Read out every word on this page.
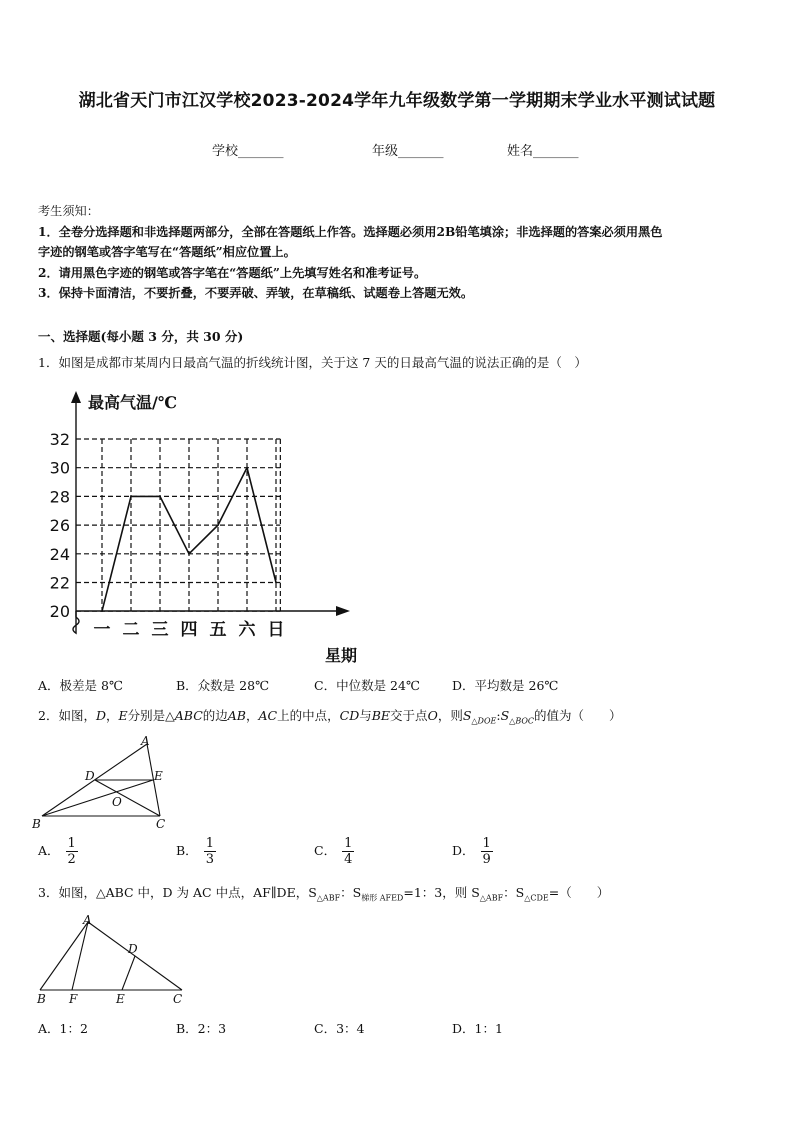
湖北省天门市江汉学校2023-2024学年九年级数学第一学期期末学业水平测试试题
学校_______	年级_______	姓名_______
考生须知：
1．全卷分选择题和非选择题两部分，全部在答题纸上作答。选择题必须用2B铅笔填涂；非选择题的答案必须用黑色
字迹的钢笔或答字笔写在“答题纸”相应位置上。
2．请用黑色字迹的钢笔或答字笔在“答题纸”上先填写姓名和准考证号。
3．保持卡面清洁，不要折叠，不要弄破、弄皱，在草稿纸、试题卷上答题无效。
一、选择题(每小题 3 分，共 30 分)
1．如图是成都市某周内日最高气温的折线统计图，关于这 7 天的日最高气温的说法正确的是（　）
20
22
24
26
28
30
32
一 二 三 四 五 六 日
最高气温/℃
星期
A．极差是 8℃	B．众数是 28℃	C．中位数是 24℃	D．平均数是 26℃
2．如图，D，E分别是△ABC的边AB，AC上的中点，CD与BE交于点O，则$S_{\triangle DOE}:S_{\triangle BOC}$的值为（　　）
A
B	C
D	E
O
A． $\frac{1}{2}$	B． $\frac{1}{3}$	C． $\frac{1}{4}$	D． $\frac{1}{9}$
3．如图，△ABC 中，D 为 AC 中点，AF∥DE，$S_{\triangle ABF}$：$S_{梯形 AFED}=1$：3，则 $S_{\triangle ABF}$：$S_{\triangle CDE}=$（　　）
A
B	C
D
E
F
A．1：2	B．2：3	C．3：4	D．1：1
